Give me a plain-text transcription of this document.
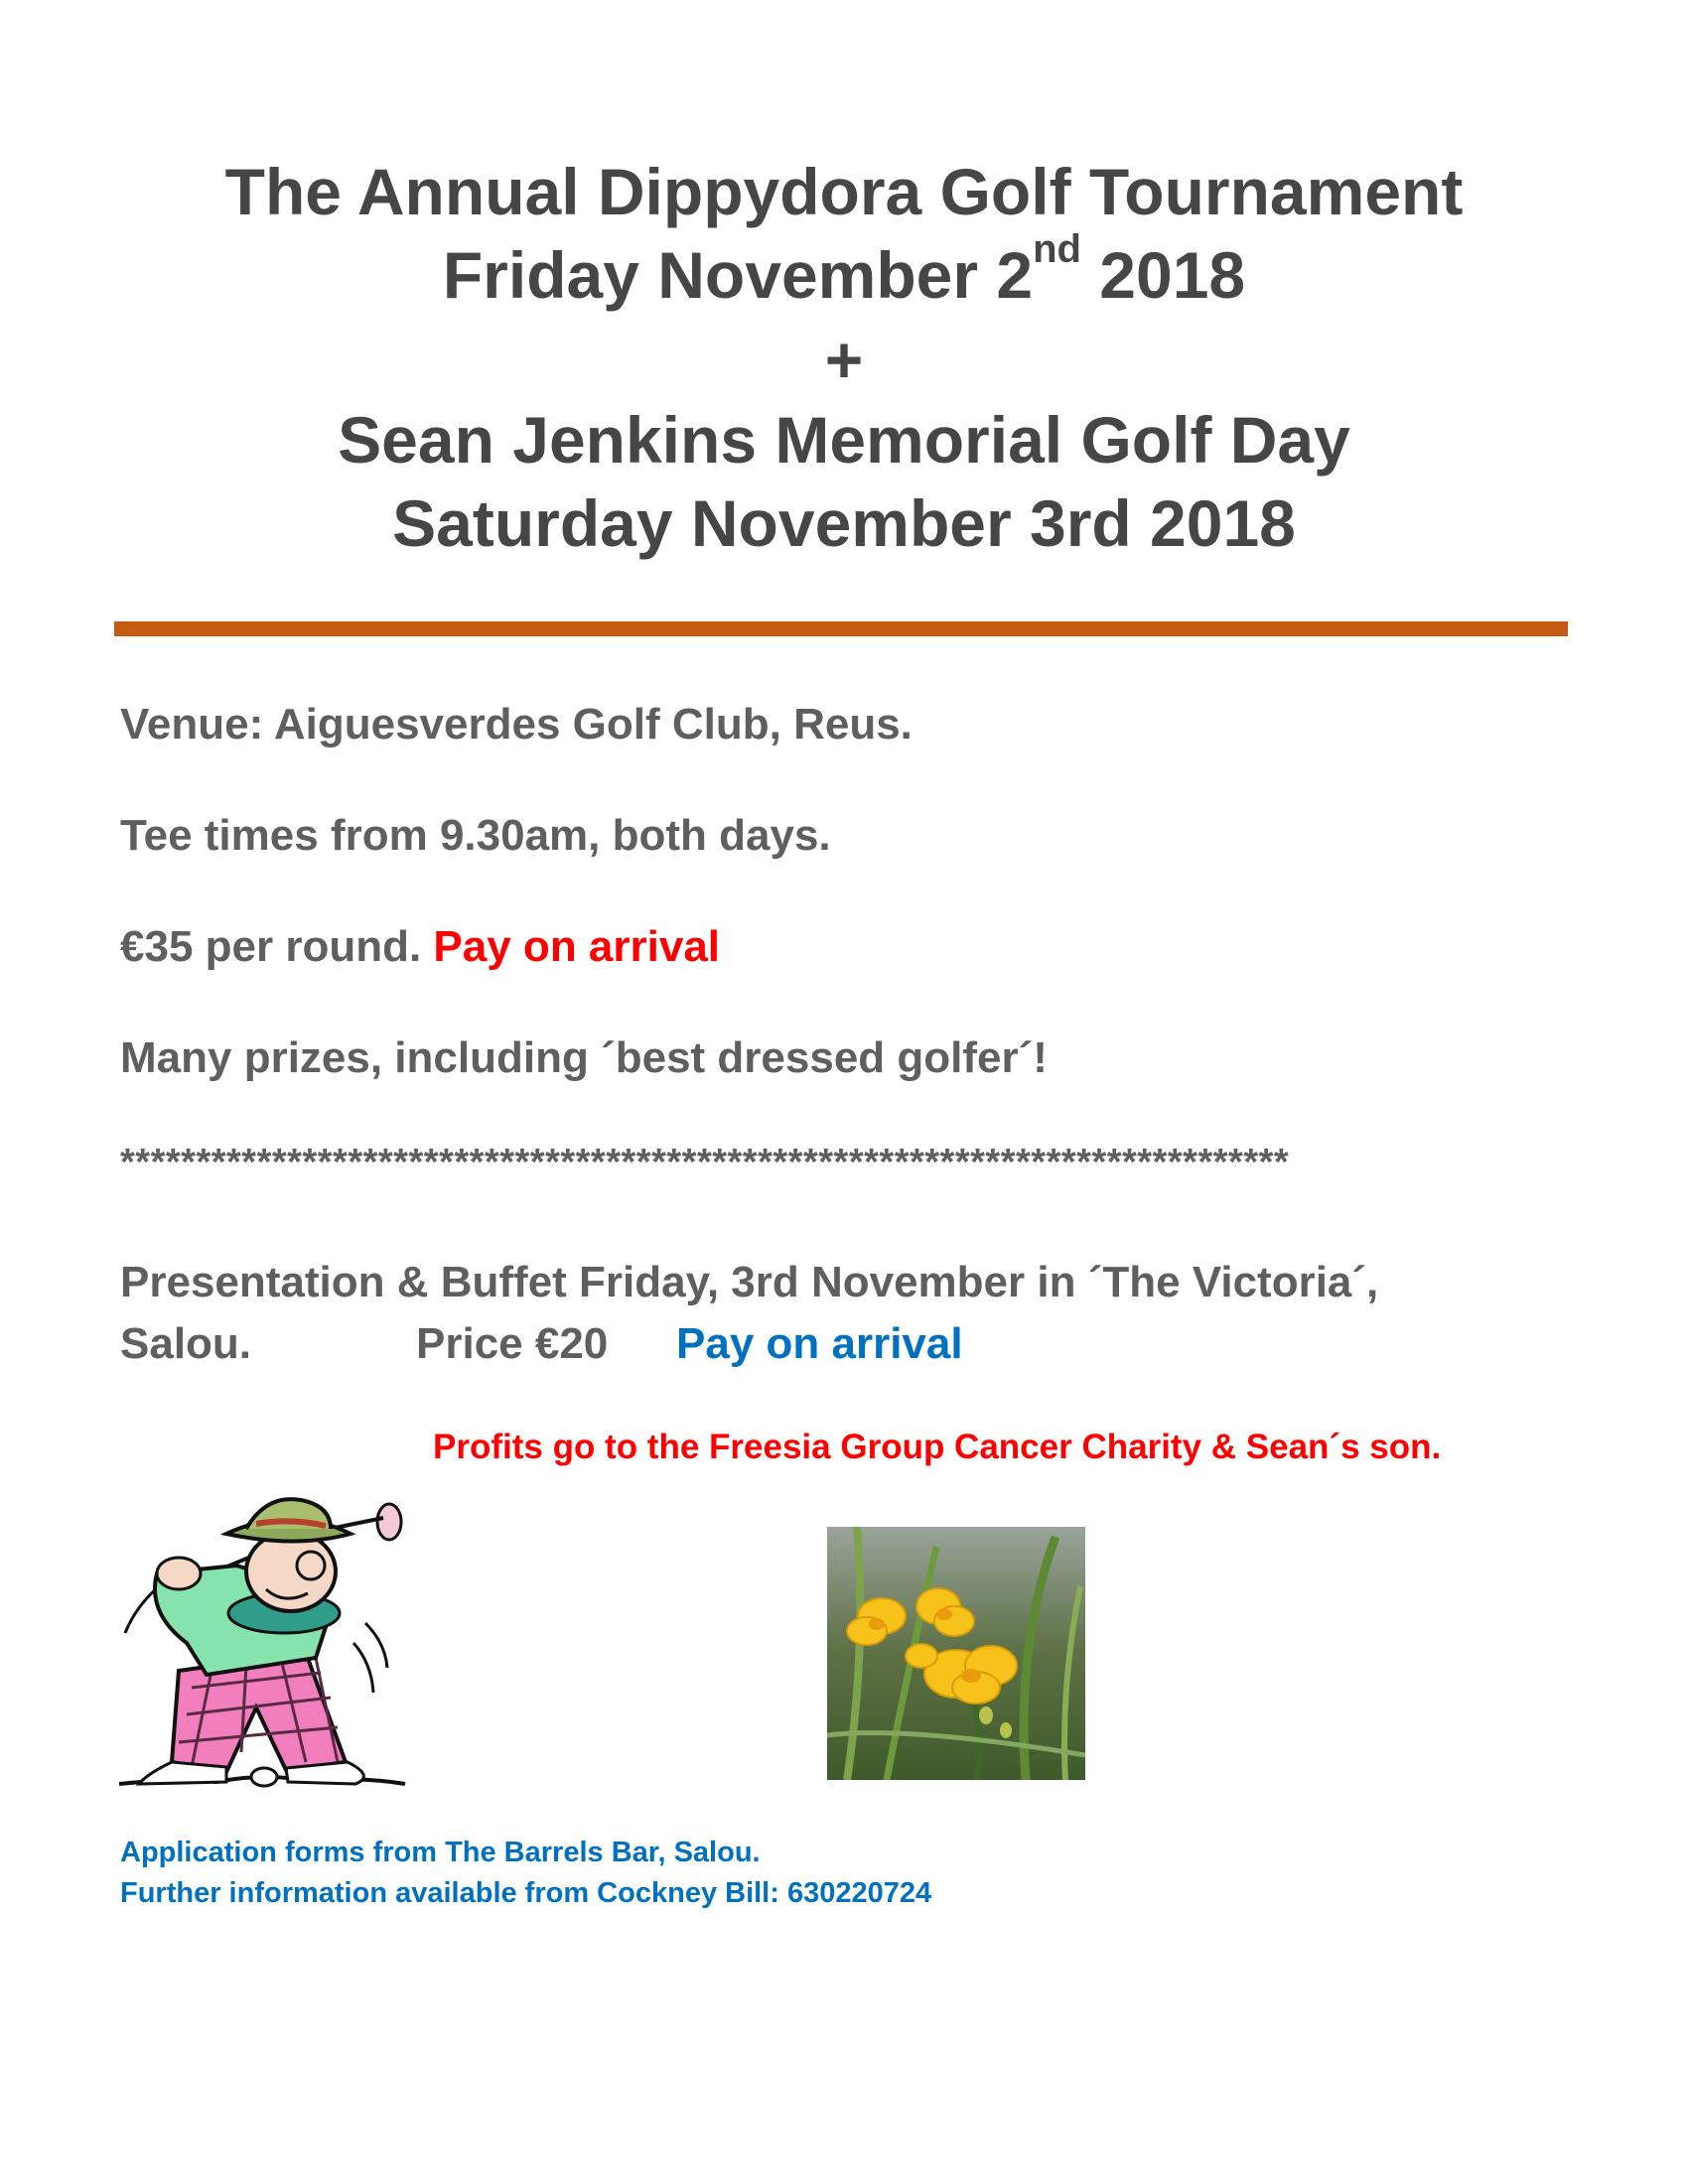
The Annual Dippydora Golf Tournament
Friday November 2nd 2018
+
Sean Jenkins Memorial Golf Day
Saturday November 3rd 2018
Venue: Aiguesverdes Golf Club, Reus.
Tee times from 9.30am, both days.
€35 per round. Pay on arrival
Many prizes, including ´best dressed golfer´!
*****************************************************************************
Presentation & Buffet Friday, 3rd November in ´The Victoria´,
Salou.	Price €20 Pay on arrival
Profits go to the Freesia Group Cancer Charity & Sean´s son.
Application forms from The Barrels Bar, Salou.
Further information available from Cockney Bill: 630220724
